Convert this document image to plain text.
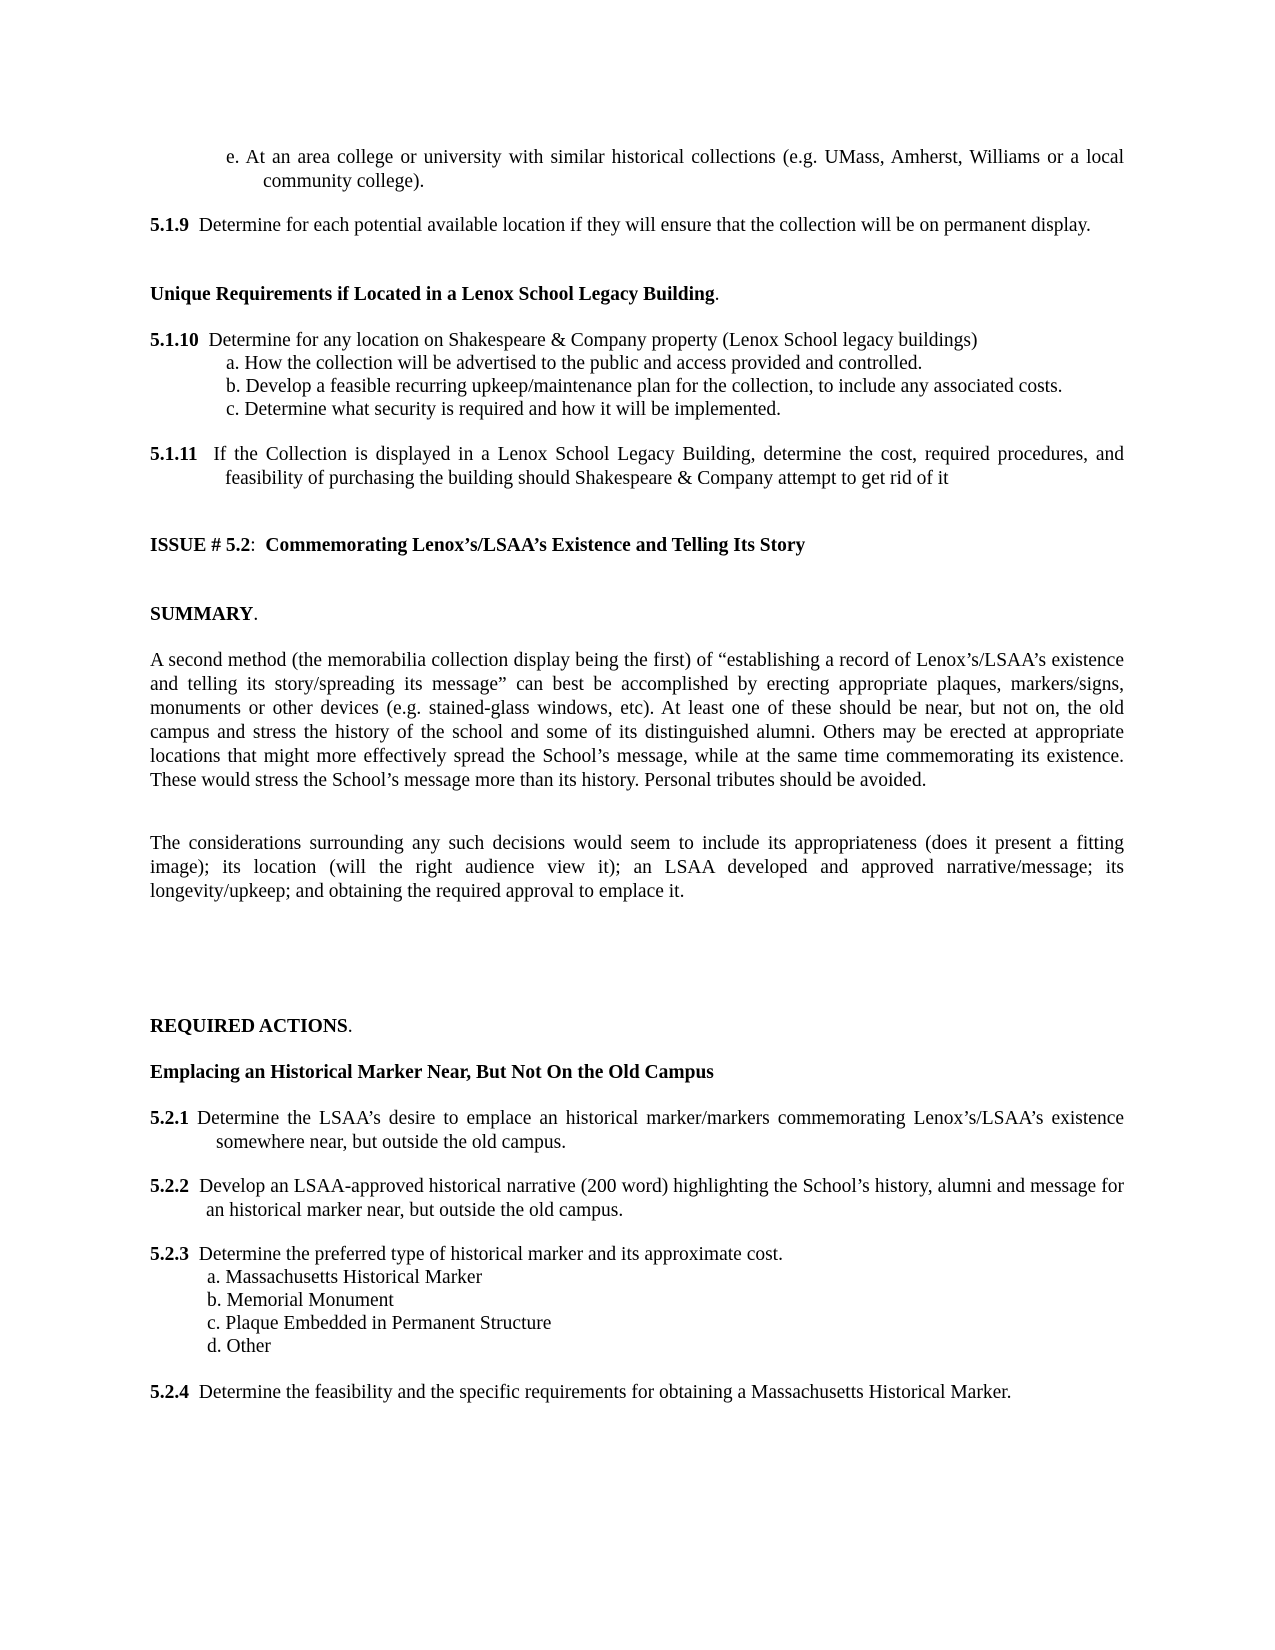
e. At an area college or university with similar historical collections (e.g. UMass, Amherst, Williams or a local community college).

5.1.9 Determine for each potential available location if they will ensure that the collection will be on permanent display.

Unique Requirements if Located in a Lenox School Legacy Building.

5.1.10 Determine for any location on Shakespeare & Company property (Lenox School legacy buildings)

a. How the collection will be advertised to the public and access provided and controlled.

b. Develop a feasible recurring upkeep/maintenance plan for the collection, to include any associated costs.

c. Determine what security is required and how it will be implemented.

5.1.11 If the Collection is displayed in a Lenox School Legacy Building, determine the cost, required procedures, and feasibility of purchasing the building should Shakespeare & Company attempt to get rid of it

ISSUE # 5.2: Commemorating Lenox’s/LSAA’s Existence and Telling Its Story

SUMMARY.

A second method (the memorabilia collection display being the first) of “establishing a record of Lenox’s/LSAA’s existence and telling its story/spreading its message” can best be accomplished by erecting appropriate plaques, markers/signs, monuments or other devices (e.g. stained-glass windows, etc). At least one of these should be near, but not on, the old campus and stress the history of the school and some of its distinguished alumni. Others may be erected at appropriate locations that might more effectively spread the School’s message, while at the same time commemorating its existence. These would stress the School’s message more than its history. Personal tributes should be avoided.

The considerations surrounding any such decisions would seem to include its appropriateness (does it present a fitting image); its location (will the right audience view it); an LSAA developed and approved narrative/message; its longevity/upkeep; and obtaining the required approval to emplace it.

REQUIRED ACTIONS.

Emplacing an Historical Marker Near, But Not On the Old Campus

5.2.1 Determine the LSAA’s desire to emplace an historical marker/markers commemorating Lenox’s/LSAA’s existence somewhere near, but outside the old campus.

5.2.2 Develop an LSAA-approved historical narrative (200 word) highlighting the School’s history, alumni and message for an historical marker near, but outside the old campus.

5.2.3 Determine the preferred type of historical marker and its approximate cost.

a. Massachusetts Historical Marker

b. Memorial Monument

c. Plaque Embedded in Permanent Structure

d. Other

5.2.4 Determine the feasibility and the specific requirements for obtaining a Massachusetts Historical Marker.
